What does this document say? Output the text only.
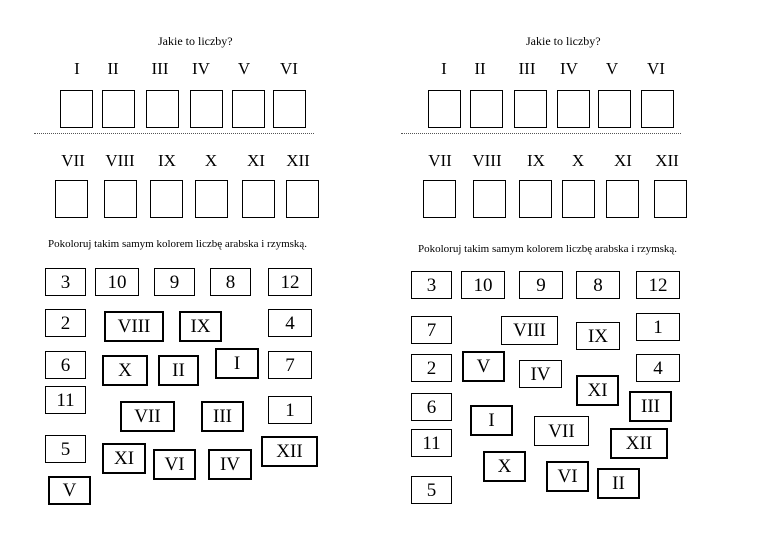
Jakie to liczby?
I	II	III	IV	V	VI
VII	VIII	IX	X	XI	XII
Pokoloruj takim samym kolorem liczbę arabska i rzymską.
3	10	9	8	12
2	VIII	IX	4
6	X	II	I	7
11
VII	III	1
5	XI	VI	IV
XII
V
Jakie to liczby?
I	II	III	IV	V	VI
VII	VIII	IX	X	XI	XII
Pokoloruj takim samym kolorem liczbę arabska i rzymską.
3	10	9	8	12
7	VIII	IX	1
2	V	IV
XI
4
6	III
I	VII
11	XII
X	VI	II
5
